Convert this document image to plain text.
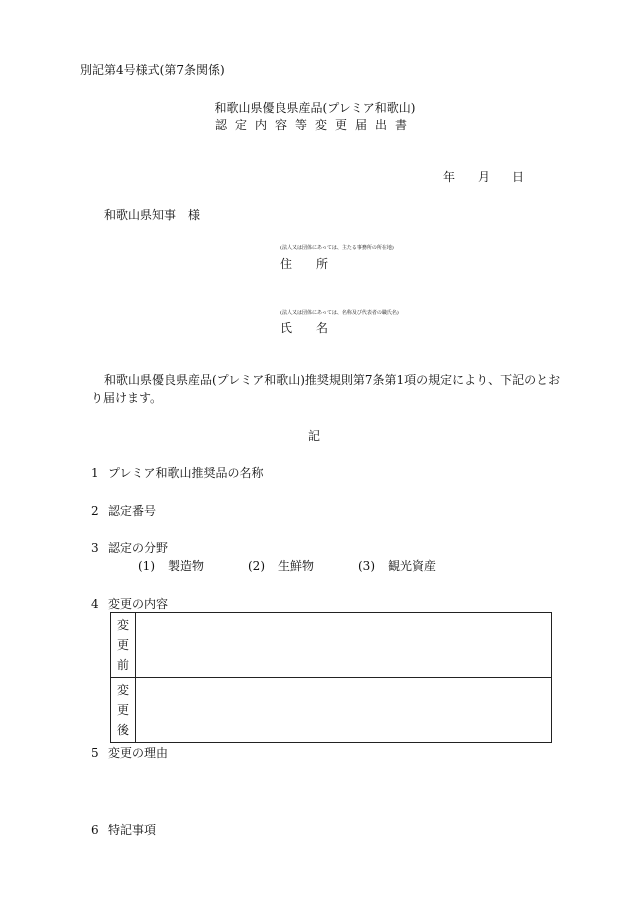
別記第4号様式(第7条関係)
和歌山県優良県産品(プレミア和歌山)
認定内容等変更届出書
年 月 日
和歌山県知事　様
(法人又は団体にあっては、主たる事務所の所在地)
住　　所
(法人又は団体にあっては、名称及び代表者の職氏名)
氏　　名
和歌山県優良県産品(プレミア和歌山)推奨規則第7条第1項の規定により、下記のとお
り届けます。
記
1 プレミア和歌山推奨品の名称
2 認定番号
3 認定の分野
(1) 製造物	(2) 生鮮物	(3) 観光資産
4 変更の内容
変
更
前	

変
更
後	

5 変更の理由
6 特記事項
